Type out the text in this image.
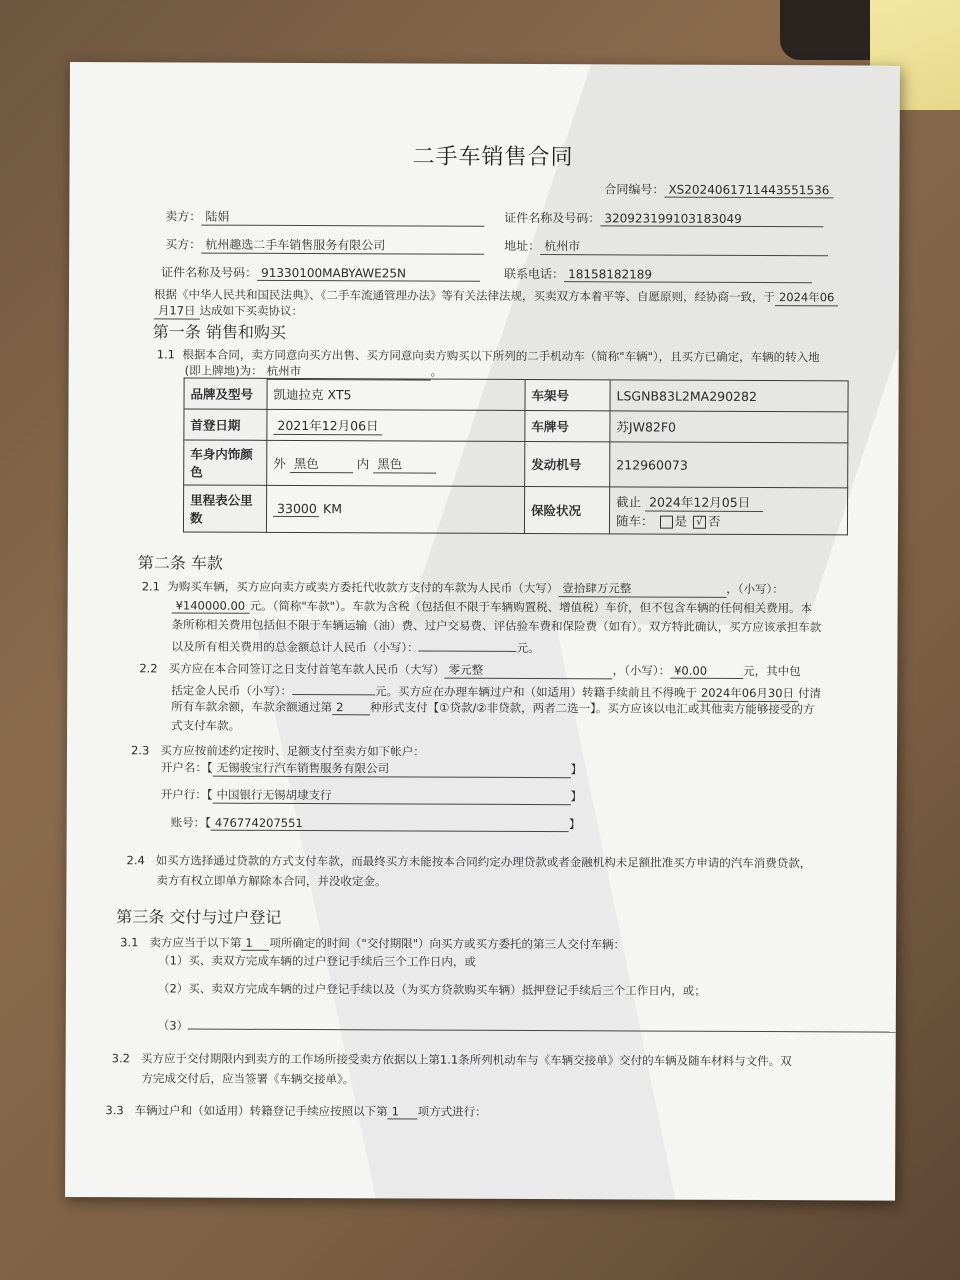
二手车销售合同
合同编号： XS2024061711443551536
卖方： 陆娟	证件名称及号码： 320923199103183049
买方： 杭州趣选二手车销售服务有限公司	地址： 杭州市
证件名称及号码： 91330100MABYAWE25N	联系电话： 18158182189
根据《中华人民共和国民法典》、《二手车流通管理办法》等有关法律法规，买卖双方本着平等、自愿原则，经协商一致，于 2024年06
月17日 达成如下买卖协议：
第一条 销售和购买
1.1 根据本合同，卖方同意向买方出售、买方同意向卖方购买以下所列的二手机动车（简称"车辆"），且买方已确定，车辆的转入地
(即上牌地)为： 杭州市	。
品牌及型号	凯迪拉克 XT5	车架号	LSGNB83L2MA290282
首登日期	2021年12月06日	车牌号	苏JW82F0
车身内饰颜色	外 黑色 内 黑色	发动机号	212960073
里程表公里数	33000 KM	保险状况	截止 2024年12月05日
随车： 是 √ 否
第二条 车款
2.1 为购买车辆，买方应向卖方或卖方委托代收款方支付的车款为人民币（大写） 壹拾肆万元整	，（小写）：
¥140000.00 元。（简称"车款"）。车款为含税（包括但不限于车辆购置税、增值税）车价，但不包含车辆的任何相关费用。本
条所称相关费用包括但不限于车辆运输（油）费、过户交易费、评估验车费和保险费（如有）。双方特此确认，买方应该承担车款
以及所有相关费用的总金额总计人民币（小写）：	元。
2.2 买方应在本合同签订之日支付首笔车款人民币（大写） 零元整	，（小写）： ¥0.00	元，其中包
括定金人民币（小写）：	元。买方应在办理车辆过户和（如适用）转籍手续前且不得晚于 2024年06月30日 付清
所有车款余额，车款余额通过第 2 种形式支付【①贷款/②非贷款，两者二选一】。买方应该以电汇或其他卖方能够接受的方
式支付车款。
2.3 买方应按前述约定按时、足额支付至卖方如下帐户：
开户名：【 无锡骏宝行汽车销售服务有限公司	】
开户行：【 中国银行无锡胡埭支行	】
账号：【 476774207551	】
2.4 如买方选择通过贷款的方式支付车款，而最终买方未能按本合同约定办理贷款或者金融机构未足额批准买方申请的汽车消费贷款，
卖方有权立即单方解除本合同，并没收定金。
第三条 交付与过户登记
3.1 卖方应当于以下第 1 项所确定的时间（"交付期限"）向买方或买方委托的第三人交付车辆：
（1）买、卖双方完成车辆的过户登记手续后三个工作日内，或
（2）买、卖双方完成车辆的过户登记手续以及（为买方贷款购买车辆）抵押登记手续后三个工作日内，或；
（3）
3.2 买方应于交付期限内到卖方的工作场所接受卖方依据以上第1.1条所列机动车与《车辆交接单》交付的车辆及随车材料与文件。双
方完成交付后，应当签署《车辆交接单》。
3.3 车辆过户和（如适用）转籍登记手续应按照以下第 1 项方式进行：
